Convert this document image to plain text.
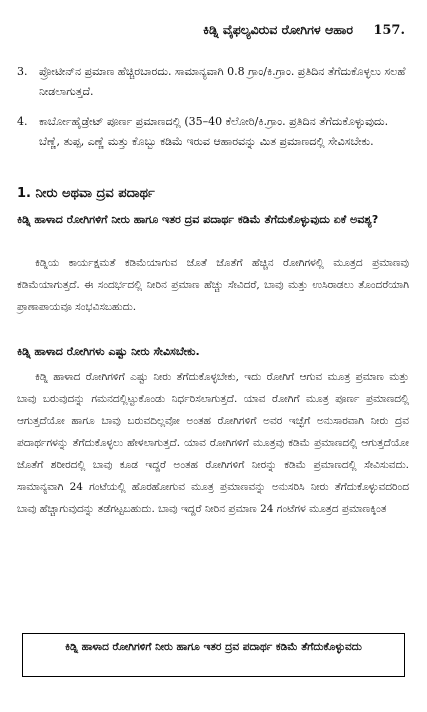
ಕಿಡ್ನಿ ವೈಫಲ್ಯವಿರುವ ರೋಗಿಗಳ ಆಹಾರ 157.
3. ಪ್ರೋಟೀನ್‌ನ ಪ್ರಮಾಣ ಹೆಚ್ಚಿರಬಾರದು. ಸಾಮಾನ್ಯವಾಗಿ 0.8 ಗ್ರಾಂ/ಕಿ.ಗ್ರಾಂ. ಪ್ರತಿದಿನ ತೆಗೆದುಕೊಳ್ಳಲು ಸಲಹೆ ನೀಡಲಾಗುತ್ತದೆ.
4. ಕಾರ್ಬೋಹೈಡ್ರೇಟ್ ಪೂರ್ಣ ಪ್ರಮಾಣದಲ್ಲಿ (35–40 ಕೆಲೋರಿ/ಕಿ.ಗ್ರಾಂ. ಪ್ರತಿದಿನ ತೆಗೆದುಕೊಳ್ಳುವುದು. ಬೆಣ್ಣೆ, ತುಪ್ಪ, ಎಣ್ಣೆ ಮತ್ತು ಕೊಬ್ಬು ಕಡಿಮೆ ಇರುವ ಆಹಾರವನ್ನು ಮಿತ ಪ್ರಮಾಣದಲ್ಲಿ ಸೇವಿಸಬೇಕು.
1. ನೀರು ಅಥವಾ ದ್ರವ ಪದಾರ್ಥ
ಕಿಡ್ನಿ ಹಾಳಾದ ರೋಗಿಗಳಿಗೆ ನೀರು ಹಾಗೂ ಇತರ ದ್ರವ ಪದಾರ್ಥ ಕಡಿಮೆ ತೆಗೆದುಕೊಳ್ಳುವುದು ಏಕೆ ಅವಶ್ಯ?
ಕಿಡ್ನಿಯ ಕಾರ್ಯಕ್ಷಮತೆ ಕಡಿಮೆಯಾಗುವ ಜೊತೆ ಜೊತೆಗೆ ಹೆಚ್ಚಿನ ರೋಗಿಗಳಲ್ಲಿ ಮೂತ್ರದ ಪ್ರಮಾಣವು ಕಡಿಮೆಯಾಗುತ್ತದೆ. ಈ ಸಂದರ್ಭದಲ್ಲಿ ನೀರಿನ ಪ್ರಮಾಣ ಹೆಚ್ಚು ಸೇವಿದರೆ, ಬಾವು ಮತ್ತು ಉಸಿರಾಡಲು ತೊಂದರೆಯಾಗಿ ಪ್ರಾಣಾಪಾಯವೂ ಸಂಭವಿಸಬಹುದು.
ಕಿಡ್ನಿ ಹಾಳಾದ ರೋಗಿಗಳು ಎಷ್ಟು ನೀರು ಸೇವಿಸಬೇಕು.
ಕಿಡ್ನಿ ಹಾಳಾದ ರೋಗಿಗಳಿಗೆ ಎಷ್ಟು ನೀರು ತೆಗೆದುಕೊಳ್ಳಬೇಕು, ಇದು ರೋಗಿಗೆ ಆಗುವ ಮೂತ್ರ ಪ್ರಮಾಣ ಮತ್ತು ಬಾವು ಬರುವುದನ್ನು ಗಮನದಲ್ಲಿಟ್ಟುಕೊಂಡು ನಿರ್ಧರಿಸಲಾಗುತ್ತದೆ. ಯಾವ ರೋಗಿಗೆ ಮೂತ್ರ ಪೂರ್ಣ ಪ್ರಮಾಣದಲ್ಲಿ ಆಗುತ್ತದೆಯೋ ಹಾಗೂ ಬಾವು ಬರುವದಿಲ್ಲವೋ ಅಂತಹ ರೋಗಿಗಳಿಗೆ ಅವರ ಇಚ್ಛೆಗೆ ಅನುಸಾರವಾಗಿ ನೀರು ದ್ರವ ಪದಾರ್ಥಗಳನ್ನು ತೆಗೆದುಕೊಳ್ಳಲು ಹೇಳಲಾಗುತ್ತದೆ. ಯಾವ ರೋಗಿಗಳಿಗೆ ಮೂತ್ರವು ಕಡಿಮೆ ಪ್ರಮಾಣದಲ್ಲಿ ಆಗುತ್ತದೆಯೋ ಜೊತೆಗೆ ಶರೀರದಲ್ಲಿ ಬಾವು ಕೂಡ ಇದ್ದರೆ ಅಂತಹ ರೋಗಿಗಳಿಗೆ ನೀರನ್ನು ಕಡಿಮೆ ಪ್ರಮಾಣದಲ್ಲಿ ಸೇವಿಸುವದು. ಸಾಮಾನ್ಯವಾಗಿ 24 ಗಂಟೆಯಲ್ಲಿ ಹೊರಹೋಗುವ ಮೂತ್ರ ಪ್ರಮಾಣವನ್ನು ಅನುಸರಿಸಿ ನೀರು ತೆಗೆದುಕೊಳ್ಳುವದರಿಂದ ಬಾವು ಹೆಚ್ಚಾಗುವುದನ್ನು ತಡೆಗಟ್ಟಬಹುದು. ಬಾವು ಇದ್ದರೆ ನೀರಿನ ಪ್ರಮಾಣ 24 ಗಂಟೆಗಳ ಮೂತ್ರದ ಪ್ರಮಾಣಕ್ಕಿಂತ
ಕಿಡ್ನಿ ಹಾಳಾದ ರೋಗಿಗಳಿಗೆ ನೀರು ಹಾಗೂ ಇತರ ದ್ರವ ಪದಾರ್ಥ ಕಡಿಮೆ ತೆಗೆದುಕೊಳ್ಳುವದು
